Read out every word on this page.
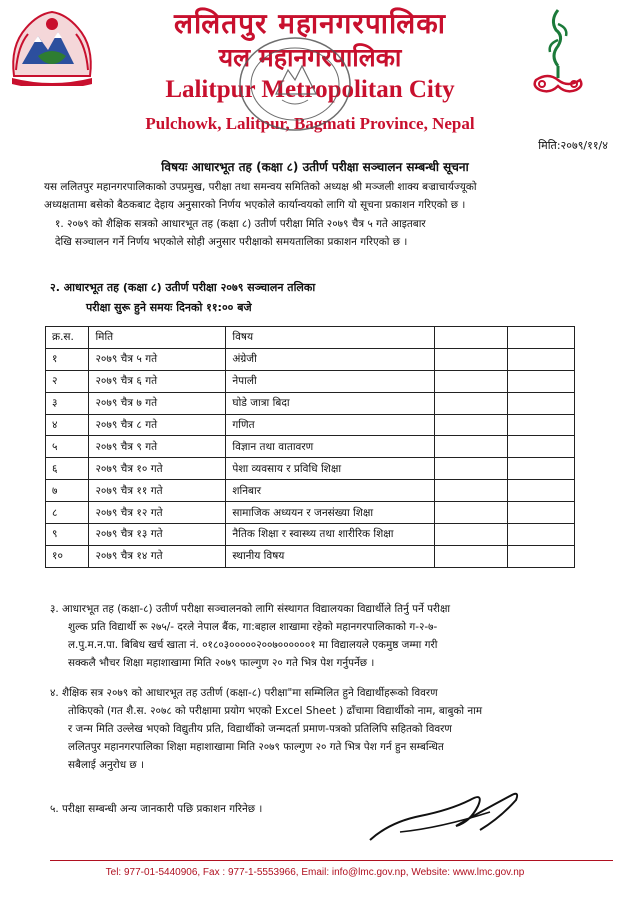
ललितपुर महानगरपालिका
यल महानगरपालिका
Lalitpur Metropolitan City
Pulchowk, Lalitpur, Bagmati Province, Nepal
मिति:२०७९/११/४
विषयः आधारभूत तह (कक्षा ८) उतीर्ण परीक्षा सञ्चालन सम्बन्धी सूचना
यस ललितपुर महानगरपालिकाको उपप्रमुख, परीक्षा तथा समन्वय समितिको अध्यक्ष श्री मञ्जली शाक्य बज्राचार्यज्यूको
अध्यक्षतामा बसेको बैठकबाट देहाय अनुसारको निर्णय भएकोले कार्यान्वयको लागि यो सूचना प्रकाशन गरिएको छ ।
१. २०७९ को शैक्षिक सत्रको आधारभूत तह (कक्षा ८) उतीर्ण परीक्षा मिति २०७९ चैत्र ५ गते आइतबार
देखि सञ्चालन गर्ने निर्णय भएकोले सोही अनुसार परीक्षाको समयतालिका प्रकाशन गरिएको छ ।
२. आधारभूत तह (कक्षा ८) उतीर्ण परीक्षा २०७९ सञ्चालन तलिका
परीक्षा सुरू हुने समयः दिनको ११:०० बजे
क्र.स.	मिति	विषय		
१	२०७९ चैत्र ५ गते	अंग्रेजी		
२	२०७९ चैत्र ६ गते	नेपाली		
३	२०७९ चैत्र ७ गते	घोडे जात्रा बिदा		
४	२०७९ चैत्र ८ गते	गणित		
५	२०७९ चैत्र ९ गते	विज्ञान तथा वातावरण		
६	२०७९ चैत्र १० गते	पेशा व्यवसाय र प्रविधि शिक्षा		
७	२०७९ चैत्र ११ गते	शनिबार		
८	२०७९ चैत्र १२ गते	सामाजिक अध्ययन र जनसंख्या शिक्षा		
९	२०७९ चैत्र १३ गते	नैतिक शिक्षा र स्वास्थ्य तथा शारीरिक शिक्षा		
१०	२०७९ चैत्र १४ गते	स्थानीय विषय		
३. आधारभूत तह (कक्षा-८) उतीर्ण परीक्षा सञ्चालनको लागि संस्थागत विद्यालयका विद्यार्थीले तिर्नु पर्ने परीक्षा
शुल्क प्रति विद्यार्थी रू २७५/- दरले नेपाल बैंक, गा:बहाल शाखामा रहेको महानगरपालिकाको ग-२-७-
ल.पु.म.न.पा. बिबिध खर्च खाता नं. ०१८०३०००००२००७००००००१ मा विद्यालयले एकमुष्ठ जम्मा गरी
सक्कलै भौचर शिक्षा महाशाखामा मिति २०७९ फाल्गुण २० गते भित्र पेश गर्नुपर्नेछ ।
४. शैक्षिक सत्र २०७९ को आधारभूत तह उतीर्ण (कक्षा-८) परीक्षा"मा सम्मिलित हुने विद्यार्थीहरूको विवरण
तोकिएको (गत शै.स. २०७८ को परीक्षामा प्रयोग भएको Excel Sheet ) ढाँचामा विद्यार्थीको नाम, बाबुको नाम
र जन्म मिति उल्लेख भएको विद्युतीय प्रति, विद्यार्थीको जन्मदर्ता प्रमाण-पत्रको प्रतिलिपि सहितको विवरण
ललितपुर महानगरपालिका शिक्षा महाशाखामा मिति २०७९ फाल्गुण २० गते भित्र पेश गर्न हुन सम्बन्धित
सबैलाई अनुरोध छ ।
५. परीक्षा सम्बन्धी अन्य जानकारी पछि प्रकाशन गरिनेछ ।
Tel: 977-01-5440906, Fax : 977-1-5553966, Email: info@lmc.gov.np, Website: www.lmc.gov.np
